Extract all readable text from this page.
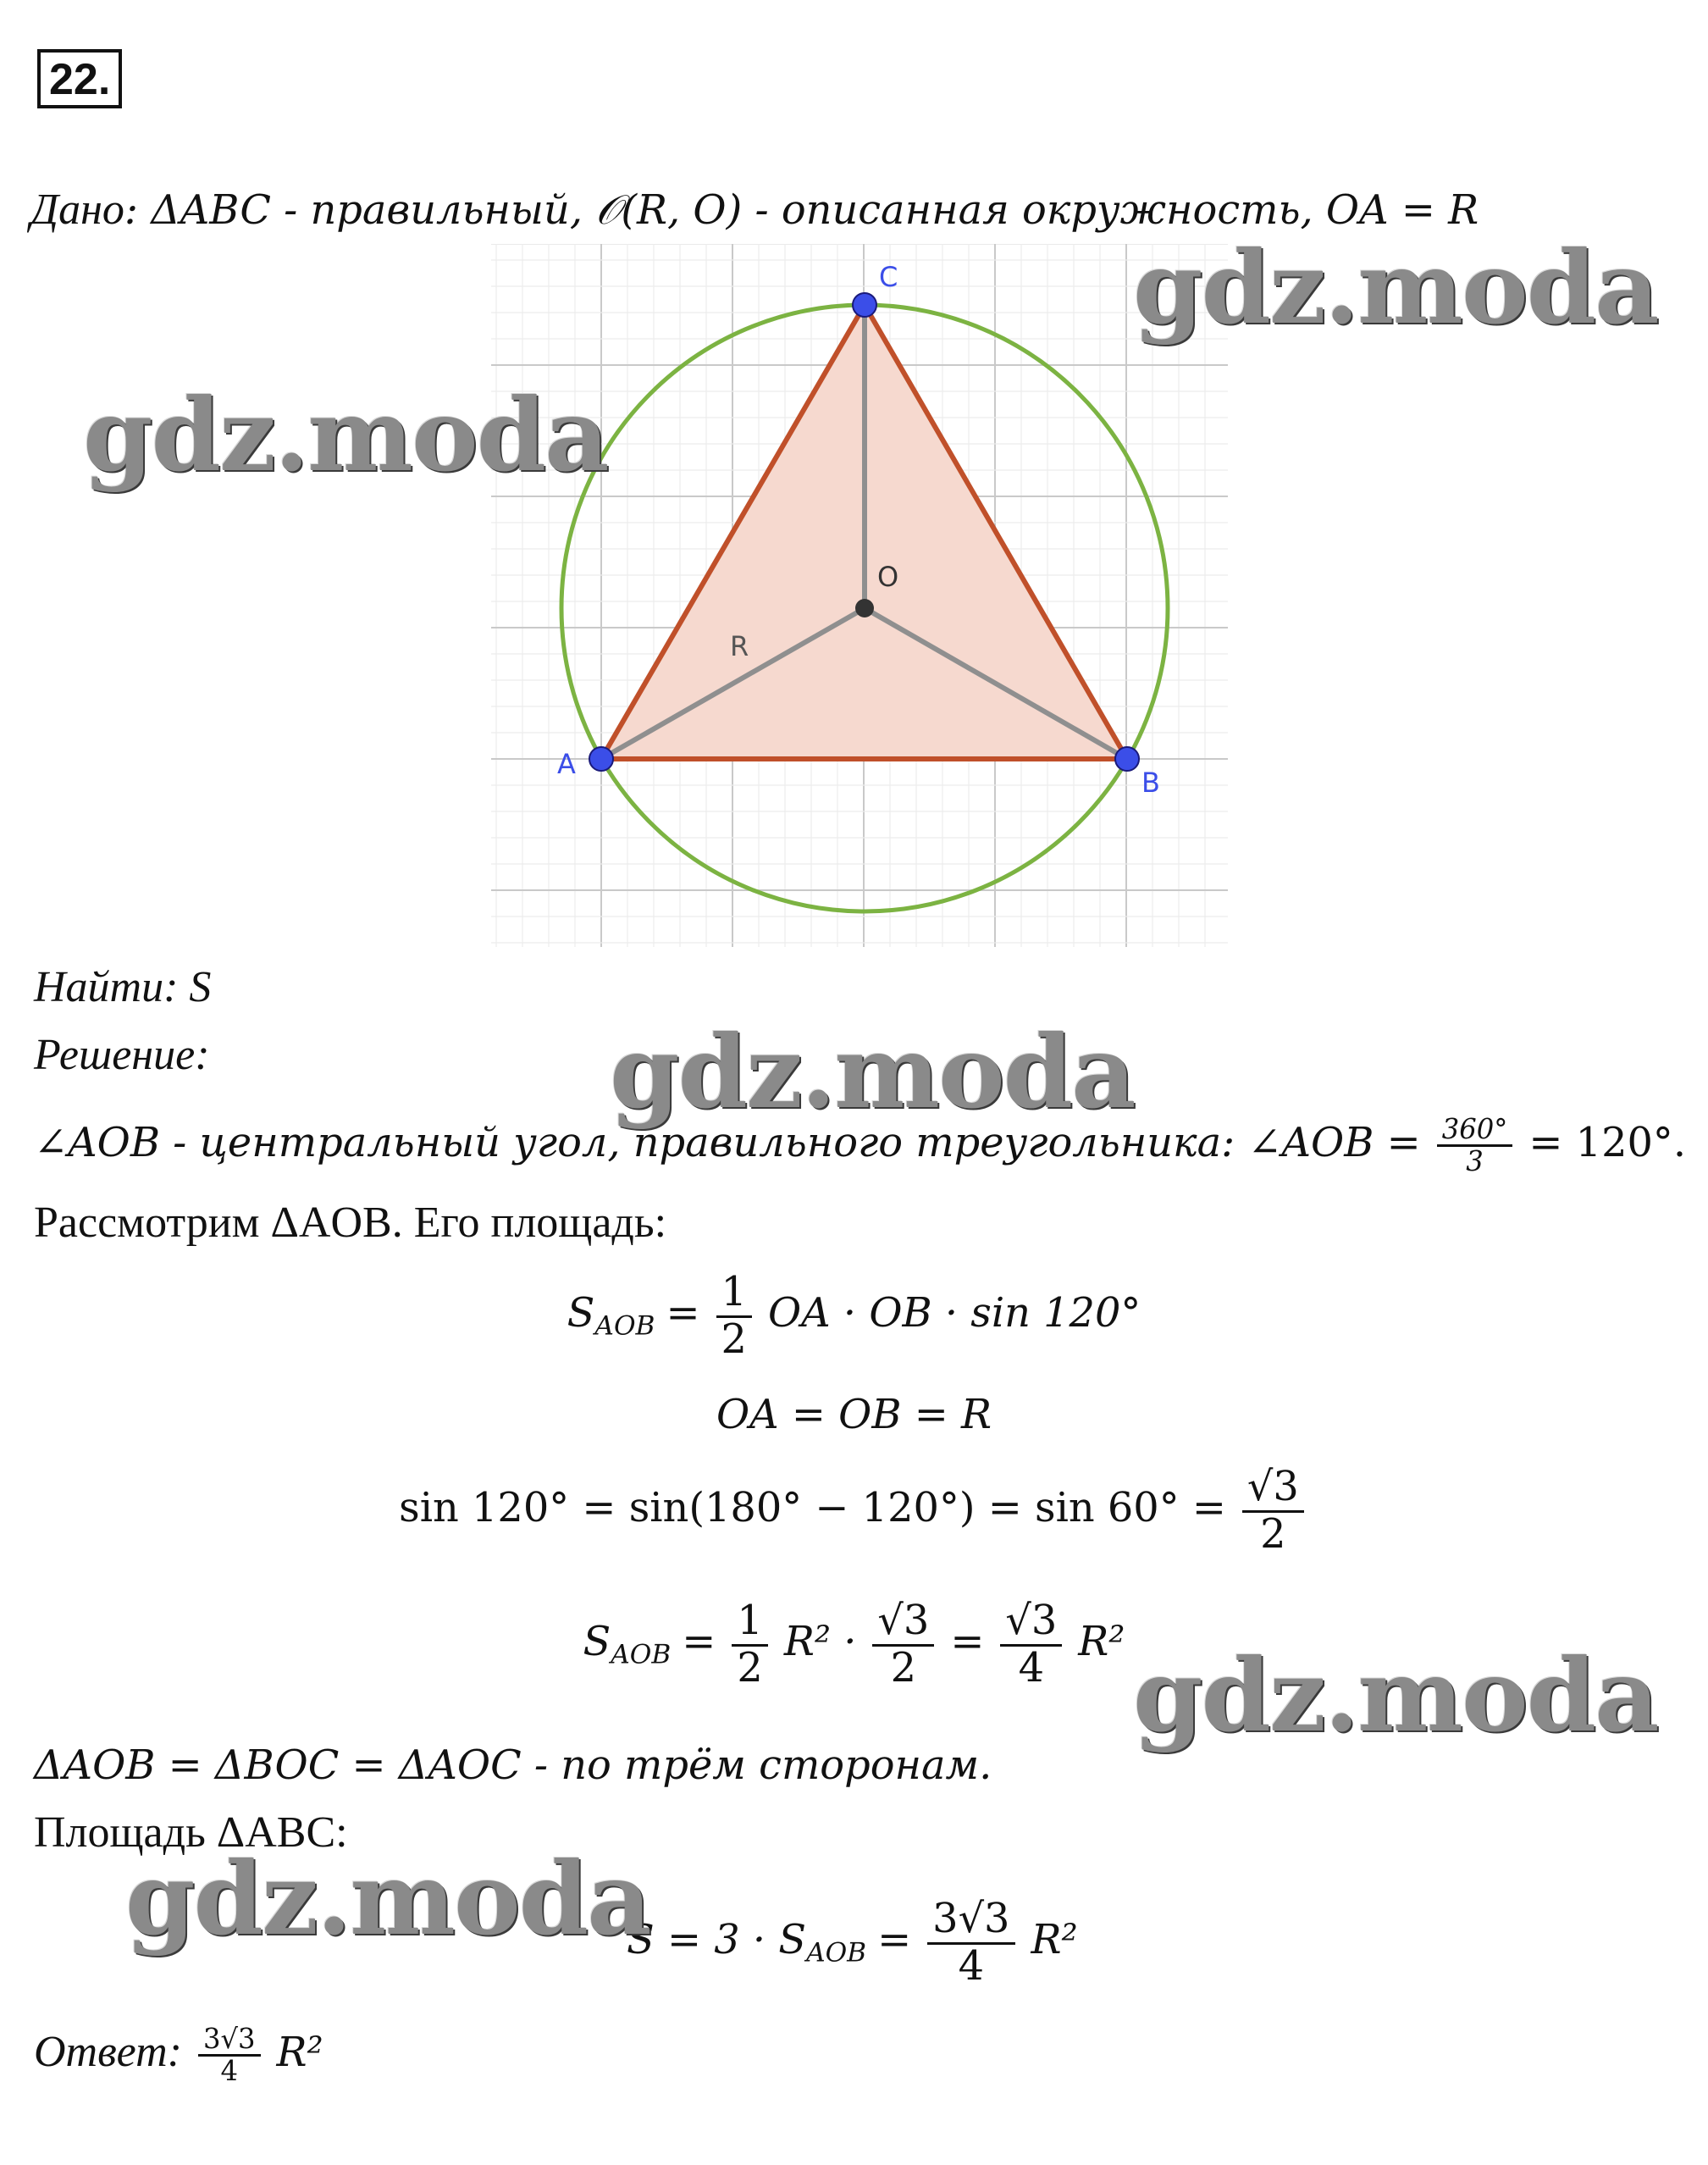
22.
Дано: ΔABC - правильный, 𝒪(R, O) - описанная окружность, OA = R
C
O
R
A
B
Найти: S
Решение:
∠AOB - центральный угол, правильного треугольника: ∠AOB = $\frac{360^\circ}{3} = 120^\circ$.
Рассмотрим ΔAOB. Его площадь:
$S_{AOB} = \frac{1}{2}$ OA · OB · sin 120°
OA = OB = R
$\sin 120^\circ = \sin(180^\circ - 120^\circ) = \sin 60^\circ = \frac{√3}{2}$
$S_{AOB} = \frac{1}{2} R^2 \cdot \frac{√3}{2} = \frac{√3}{4} R^2$
ΔAOB = ΔBOC = ΔAOC - по трём сторонам.
Площадь ΔABC:
$S = 3 \cdot S_{AOB} = \frac{3√3}{4} R^2$
Ответ: $\frac{3√3}{4} R^2$
gdz.moda
gdz.moda
gdz.moda
gdz.moda
gdz.moda
